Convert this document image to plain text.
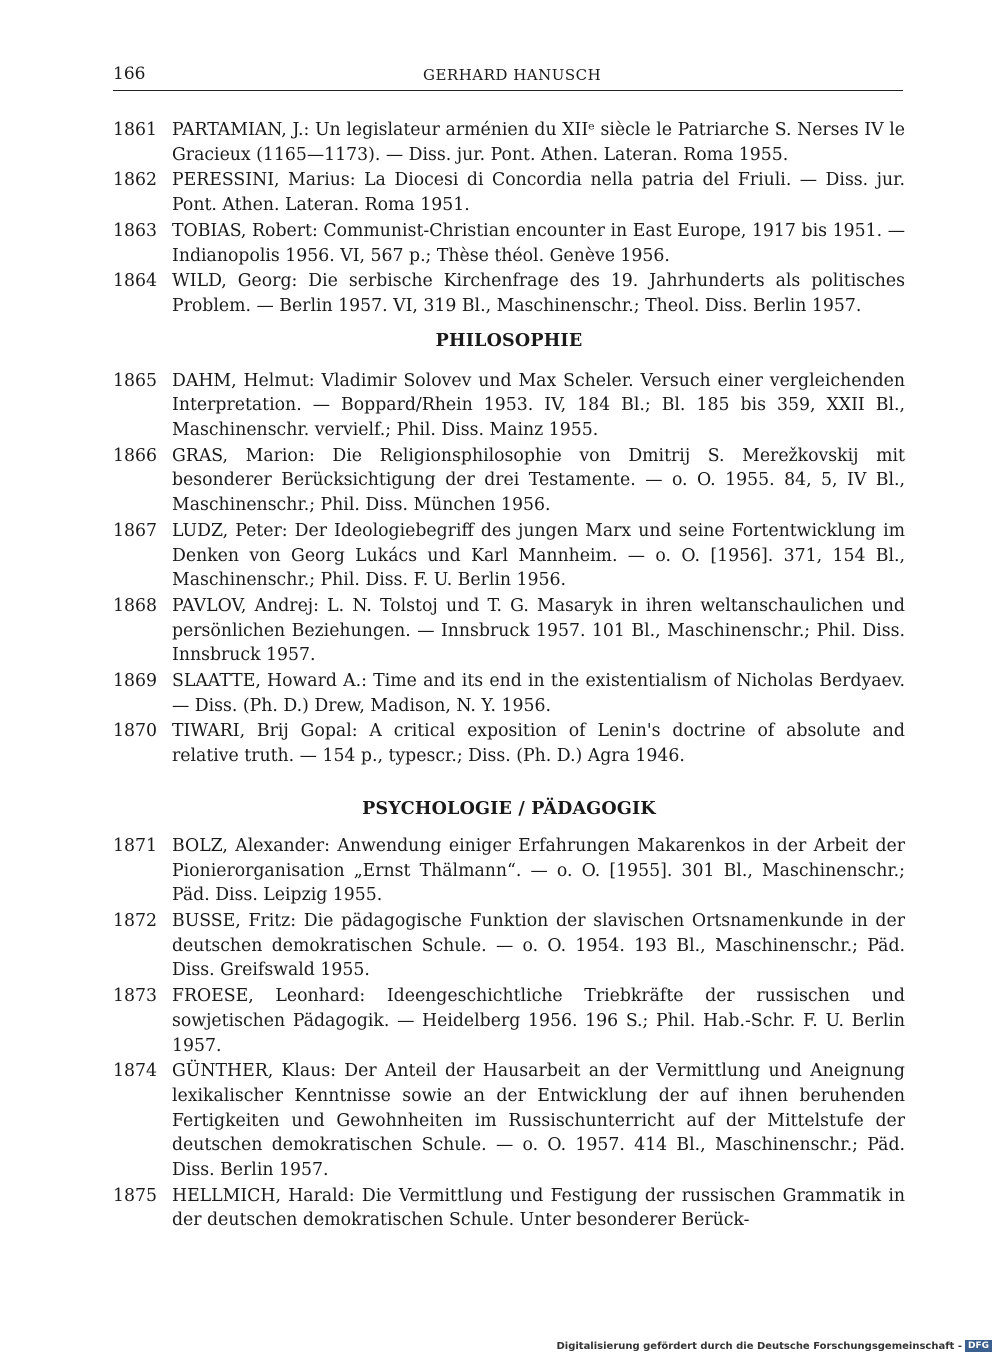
166	GERHARD HANUSCH

1861 PARTAMIAN, J.: Un legislateur arménien du XIIᵉ siècle le Patriarche S. Nerses IV le Gracieux (1165—1173). — Diss. jur. Pont. Athen. Lateran. Roma 1955.

1862 PERESSINI, Marius: La Diocesi di Concordia nella patria del Friuli. — Diss. jur. Pont. Athen. Lateran. Roma 1951.

1863 TOBIAS, Robert: Communist-Christian encounter in East Europe, 1917 bis 1951. — Indianopolis 1956. VI, 567 p.; Thèse théol. Genève 1956.

1864 WILD, Georg: Die serbische Kirchenfrage des 19. Jahrhunderts als politisches Problem. — Berlin 1957. VI, 319 Bl., Maschinenschr.; Theol. Diss. Berlin 1957.

PHILOSOPHIE

1865 DAHM, Helmut: Vladimir Solovev und Max Scheler. Versuch einer vergleichenden Interpretation. — Boppard/Rhein 1953. IV, 184 Bl.; Bl. 185 bis 359, XXII Bl., Maschinenschr. vervielf.; Phil. Diss. Mainz 1955.

1866 GRAS, Marion: Die Religionsphilosophie von Dmitrij S. Merežkovskij mit besonderer Berücksichtigung der drei Testamente. — o. O. 1955. 84, 5, IV Bl., Maschinenschr.; Phil. Diss. München 1956.

1867 LUDZ, Peter: Der Ideologiebegriff des jungen Marx und seine Fortentwicklung im Denken von Georg Lukács und Karl Mannheim. — o. O. [1956]. 371, 154 Bl., Maschinenschr.; Phil. Diss. F. U. Berlin 1956.

1868 PAVLOV, Andrej: L. N. Tolstoj und T. G. Masaryk in ihren weltanschaulichen und persönlichen Beziehungen. — Innsbruck 1957. 101 Bl., Maschinenschr.; Phil. Diss. Innsbruck 1957.

1869 SLAATTE, Howard A.: Time and its end in the existentialism of Nicholas Berdyaev. — Diss. (Ph. D.) Drew, Madison, N. Y. 1956.

1870 TIWARI, Brij Gopal: A critical exposition of Lenin's doctrine of absolute and relative truth. — 154 p., typescr.; Diss. (Ph. D.) Agra 1946.

PSYCHOLOGIE / PÄDAGOGIK

1871 BOLZ, Alexander: Anwendung einiger Erfahrungen Makarenkos in der Arbeit der Pionierorganisation „Ernst Thälmann“. — o. O. [1955]. 301 Bl., Maschinenschr.; Päd. Diss. Leipzig 1955.

1872 BUSSE, Fritz: Die pädagogische Funktion der slavischen Ortsnamenkunde in der deutschen demokratischen Schule. — o. O. 1954. 193 Bl., Maschinenschr.; Päd. Diss. Greifswald 1955.

1873 FROESE, Leonhard: Ideengeschichtliche Triebkräfte der russischen und sowjetischen Pädagogik. — Heidelberg 1956. 196 S.; Phil. Hab.-Schr. F. U. Berlin 1957.

1874 GÜNTHER, Klaus: Der Anteil der Hausarbeit an der Vermittlung und Aneignung lexikalischer Kenntnisse sowie an der Entwicklung der auf ihnen beruhenden Fertigkeiten und Gewohnheiten im Russischunterricht auf der Mittelstufe der deutschen demokratischen Schule. — o. O. 1957. 414 Bl., Maschinenschr.; Päd. Diss. Berlin 1957.

1875 HELLMICH, Harald: Die Vermittlung und Festigung der russischen Grammatik in der deutschen demokratischen Schule. Unter besonderer Berück-

Digitalisierung gefördert durch die Deutsche Forschungsgemeinschaft - DFG
